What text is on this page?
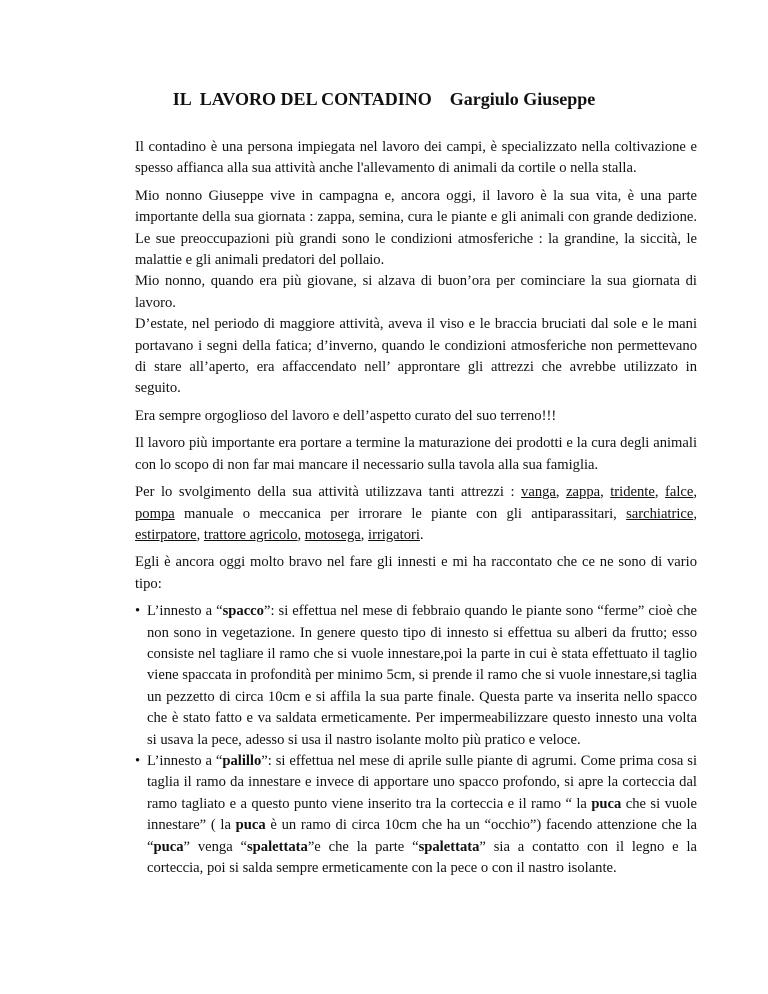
IL  LAVORO DEL CONTADINO Gargiulo Giuseppe

Il contadino è una persona impiegata nel lavoro dei campi, è specializzato nella coltivazione e spesso affianca alla sua attività anche l'allevamento di animali da cortile o nella stalla.

Mio nonno Giuseppe vive in campagna e, ancora oggi, il lavoro è la sua vita, è una parte importante della sua giornata : zappa, semina, cura le piante e gli animali con grande dedizione. Le sue preoccupazioni più grandi sono le condizioni atmosferiche : la grandine, la siccità, le malattie e gli animali predatori del pollaio.

Mio nonno, quando era più giovane, si alzava di buon’ora per cominciare la sua giornata di lavoro.

D’estate, nel periodo di maggiore attività, aveva il viso e le braccia bruciati dal sole e le mani portavano i segni della fatica; d’inverno, quando le condizioni atmosferiche non permettevano di stare all’aperto, era affaccendato nell’ approntare gli attrezzi che avrebbe utilizzato in seguito.

Era sempre orgoglioso del lavoro e dell’aspetto curato del suo terreno!!!

Il lavoro più importante era portare a termine la maturazione dei prodotti e la cura degli animali con lo scopo di non far mai mancare il necessario sulla tavola alla sua famiglia.

Per lo svolgimento della sua attività utilizzava tanti attrezzi : vanga, zappa, tridente, falce, pompa manuale o meccanica per irrorare le piante con gli antiparassitari, sarchiatrice, estirpatore, trattore agricolo, motosega, irrigatori.

Egli è ancora oggi molto bravo nel fare gli innesti e mi ha raccontato che ce ne sono di vario tipo:

• L’innesto a “spacco”: si effettua nel mese di febbraio quando le piante sono “ferme” cioè che non sono in vegetazione. In genere questo tipo di innesto si effettua su alberi da frutto; esso consiste nel tagliare il ramo che si vuole innestare,poi la parte in cui è stata effettuato il taglio viene spaccata in profondità per minimo 5cm, si prende il ramo che si vuole innestare,si taglia un pezzetto di circa 10cm e si affila la sua parte finale. Questa parte va inserita nello spacco che è stato fatto e va saldata ermeticamente. Per impermeabilizzare questo innesto una volta si usava la pece, adesso si usa il nastro isolante molto più pratico e veloce.
• L’innesto a “palillo”: si effettua nel mese di aprile sulle piante di agrumi. Come prima cosa si taglia il ramo da innestare e invece di apportare uno spacco profondo, si apre la corteccia dal ramo tagliato e a questo punto viene inserito tra la corteccia e il ramo “ la puca che si vuole innestare” ( la puca è un ramo di circa 10cm che ha un “occhio”) facendo attenzione che la “puca” venga “spalettata”e che la parte “spalettata” sia a contatto con il legno e la corteccia, poi si salda sempre ermeticamente con la pece o con il nastro isolante.
